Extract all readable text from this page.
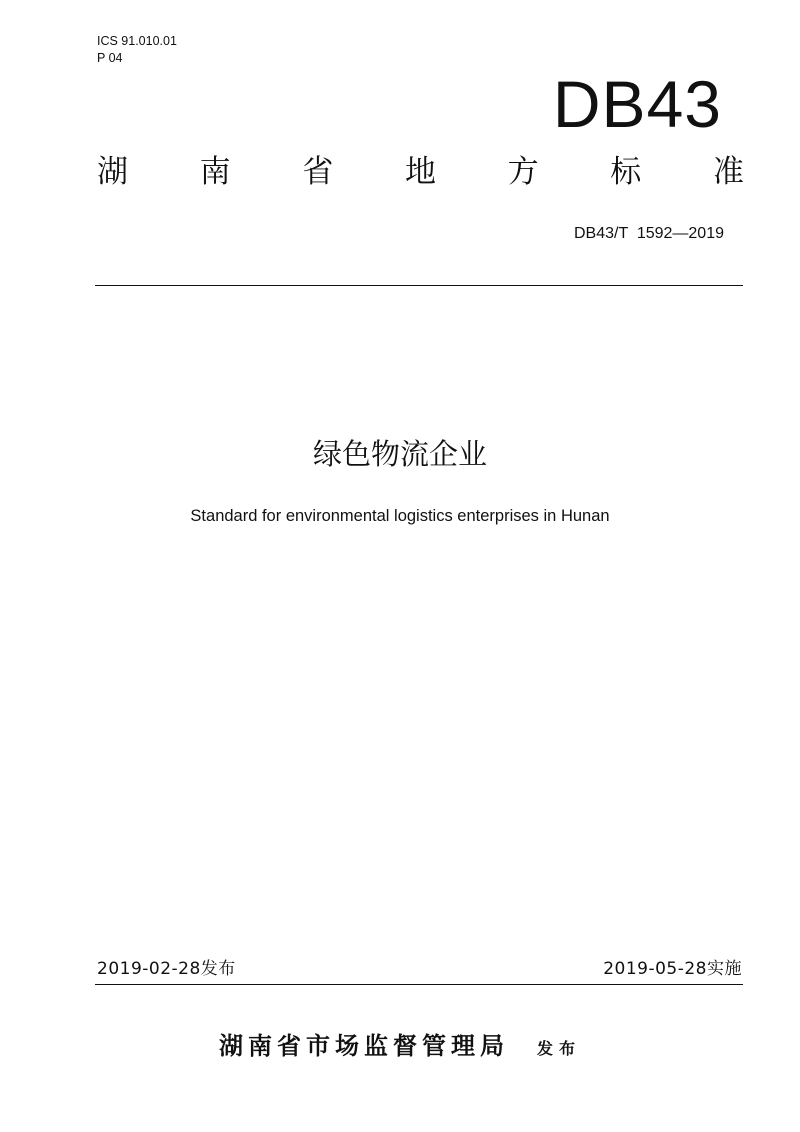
ICS 91.010.01
P 04
DB43
湖 南 省 地 方 标 准
DB43/T  1592—2019
绿色物流企业
Standard for environmental logistics enterprises in Hunan
2019-02-28发布	2019-05-28实施
湖南省市场监督管理局 发布
